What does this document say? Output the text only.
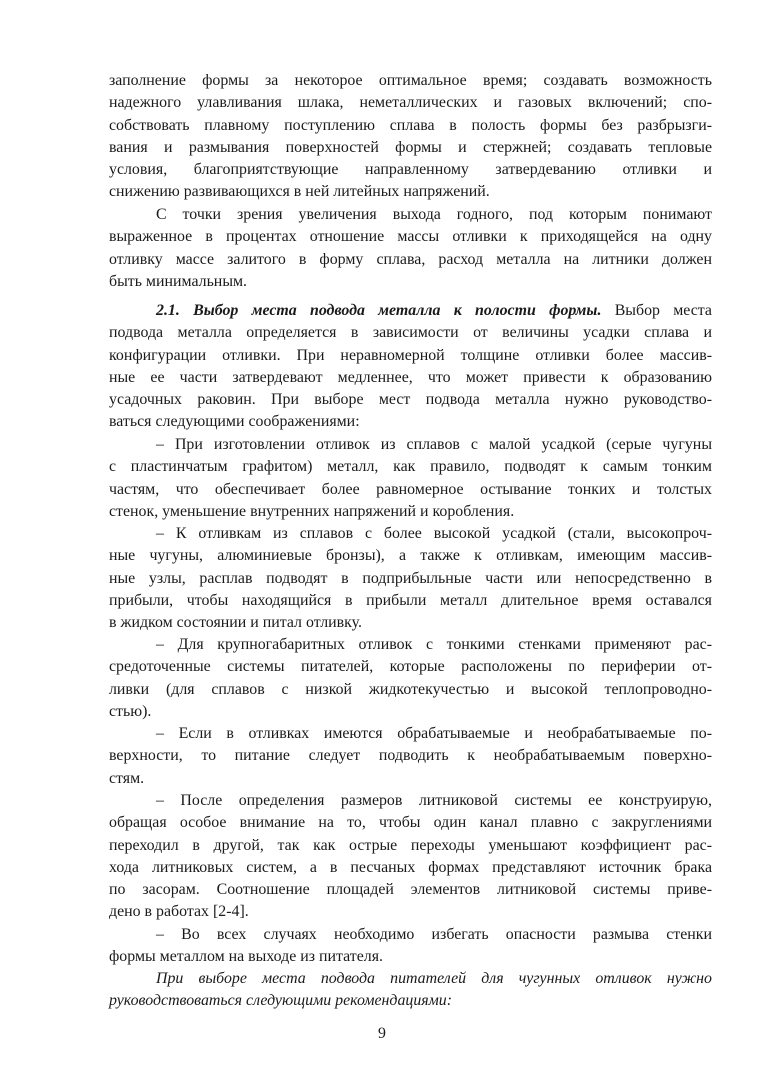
заполнение формы за некоторое оптимальное время; создавать возможность
надежного улавливания шлака, неметаллических и газовых включений; спо-
собствовать плавному поступлению сплава в полость формы без разбрызги-
вания и размывания поверхностей формы и стержней; создавать тепловые
условия, благоприятствующие направленному затвердеванию отливки и
снижению развивающихся в ней литейных напряжений.
С точки зрения увеличения выхода годного, под которым понимают
выраженное в процентах отношение массы отливки к приходящейся на одну
отливку массе залитого в форму сплава, расход металла на литники должен
быть минимальным.
2.1. Выбор места подвода металла к полости формы. Выбор места
подвода металла определяется в зависимости от величины усадки сплава и
конфигурации отливки. При неравномерной толщине отливки более массив-
ные ее части затвердевают медленнее, что может привести к образованию
усадочных раковин. При выборе мест подвода металла нужно руководство-
ваться следующими соображениями:
– При изготовлении отливок из сплавов с малой усадкой (серые чугуны
с пластинчатым графитом) металл, как правило, подводят к самым тонким
частям, что обеспечивает более равномерное остывание тонких и толстых
стенок, уменьшение внутренних напряжений и коробления.
– К отливкам из сплавов с более высокой усадкой (стали, высокопроч-
ные чугуны, алюминиевые бронзы), а также к отливкам, имеющим массив-
ные узлы, расплав подводят в подприбыльные части или непосредственно в
прибыли, чтобы находящийся в прибыли металл длительное время оставался
в жидком состоянии и питал отливку.
– Для крупногабаритных отливок с тонкими стенками применяют рас-
средоточенные системы питателей, которые расположены по периферии от-
ливки (для сплавов с низкой жидкотекучестью и высокой теплопроводно-
стью).
– Если в отливках имеются обрабатываемые и необрабатываемые по-
верхности, то питание следует подводить к необрабатываемым поверхно-
стям.
– После определения размеров литниковой системы ее конструирую,
обращая особое внимание на то, чтобы один канал плавно с закруглениями
переходил в другой, так как острые переходы уменьшают коэффициент рас-
хода литниковых систем, а в песчаных формах представляют источник брака
по засорам. Соотношение площадей элементов литниковой системы приве-
дено в работах [2-4].
– Во всех случаях необходимо избегать опасности размыва стенки
формы металлом на выходе из питателя.
При выборе места подвода питателей для чугунных отливок нужно
руководствоваться следующими рекомендациями:
9
